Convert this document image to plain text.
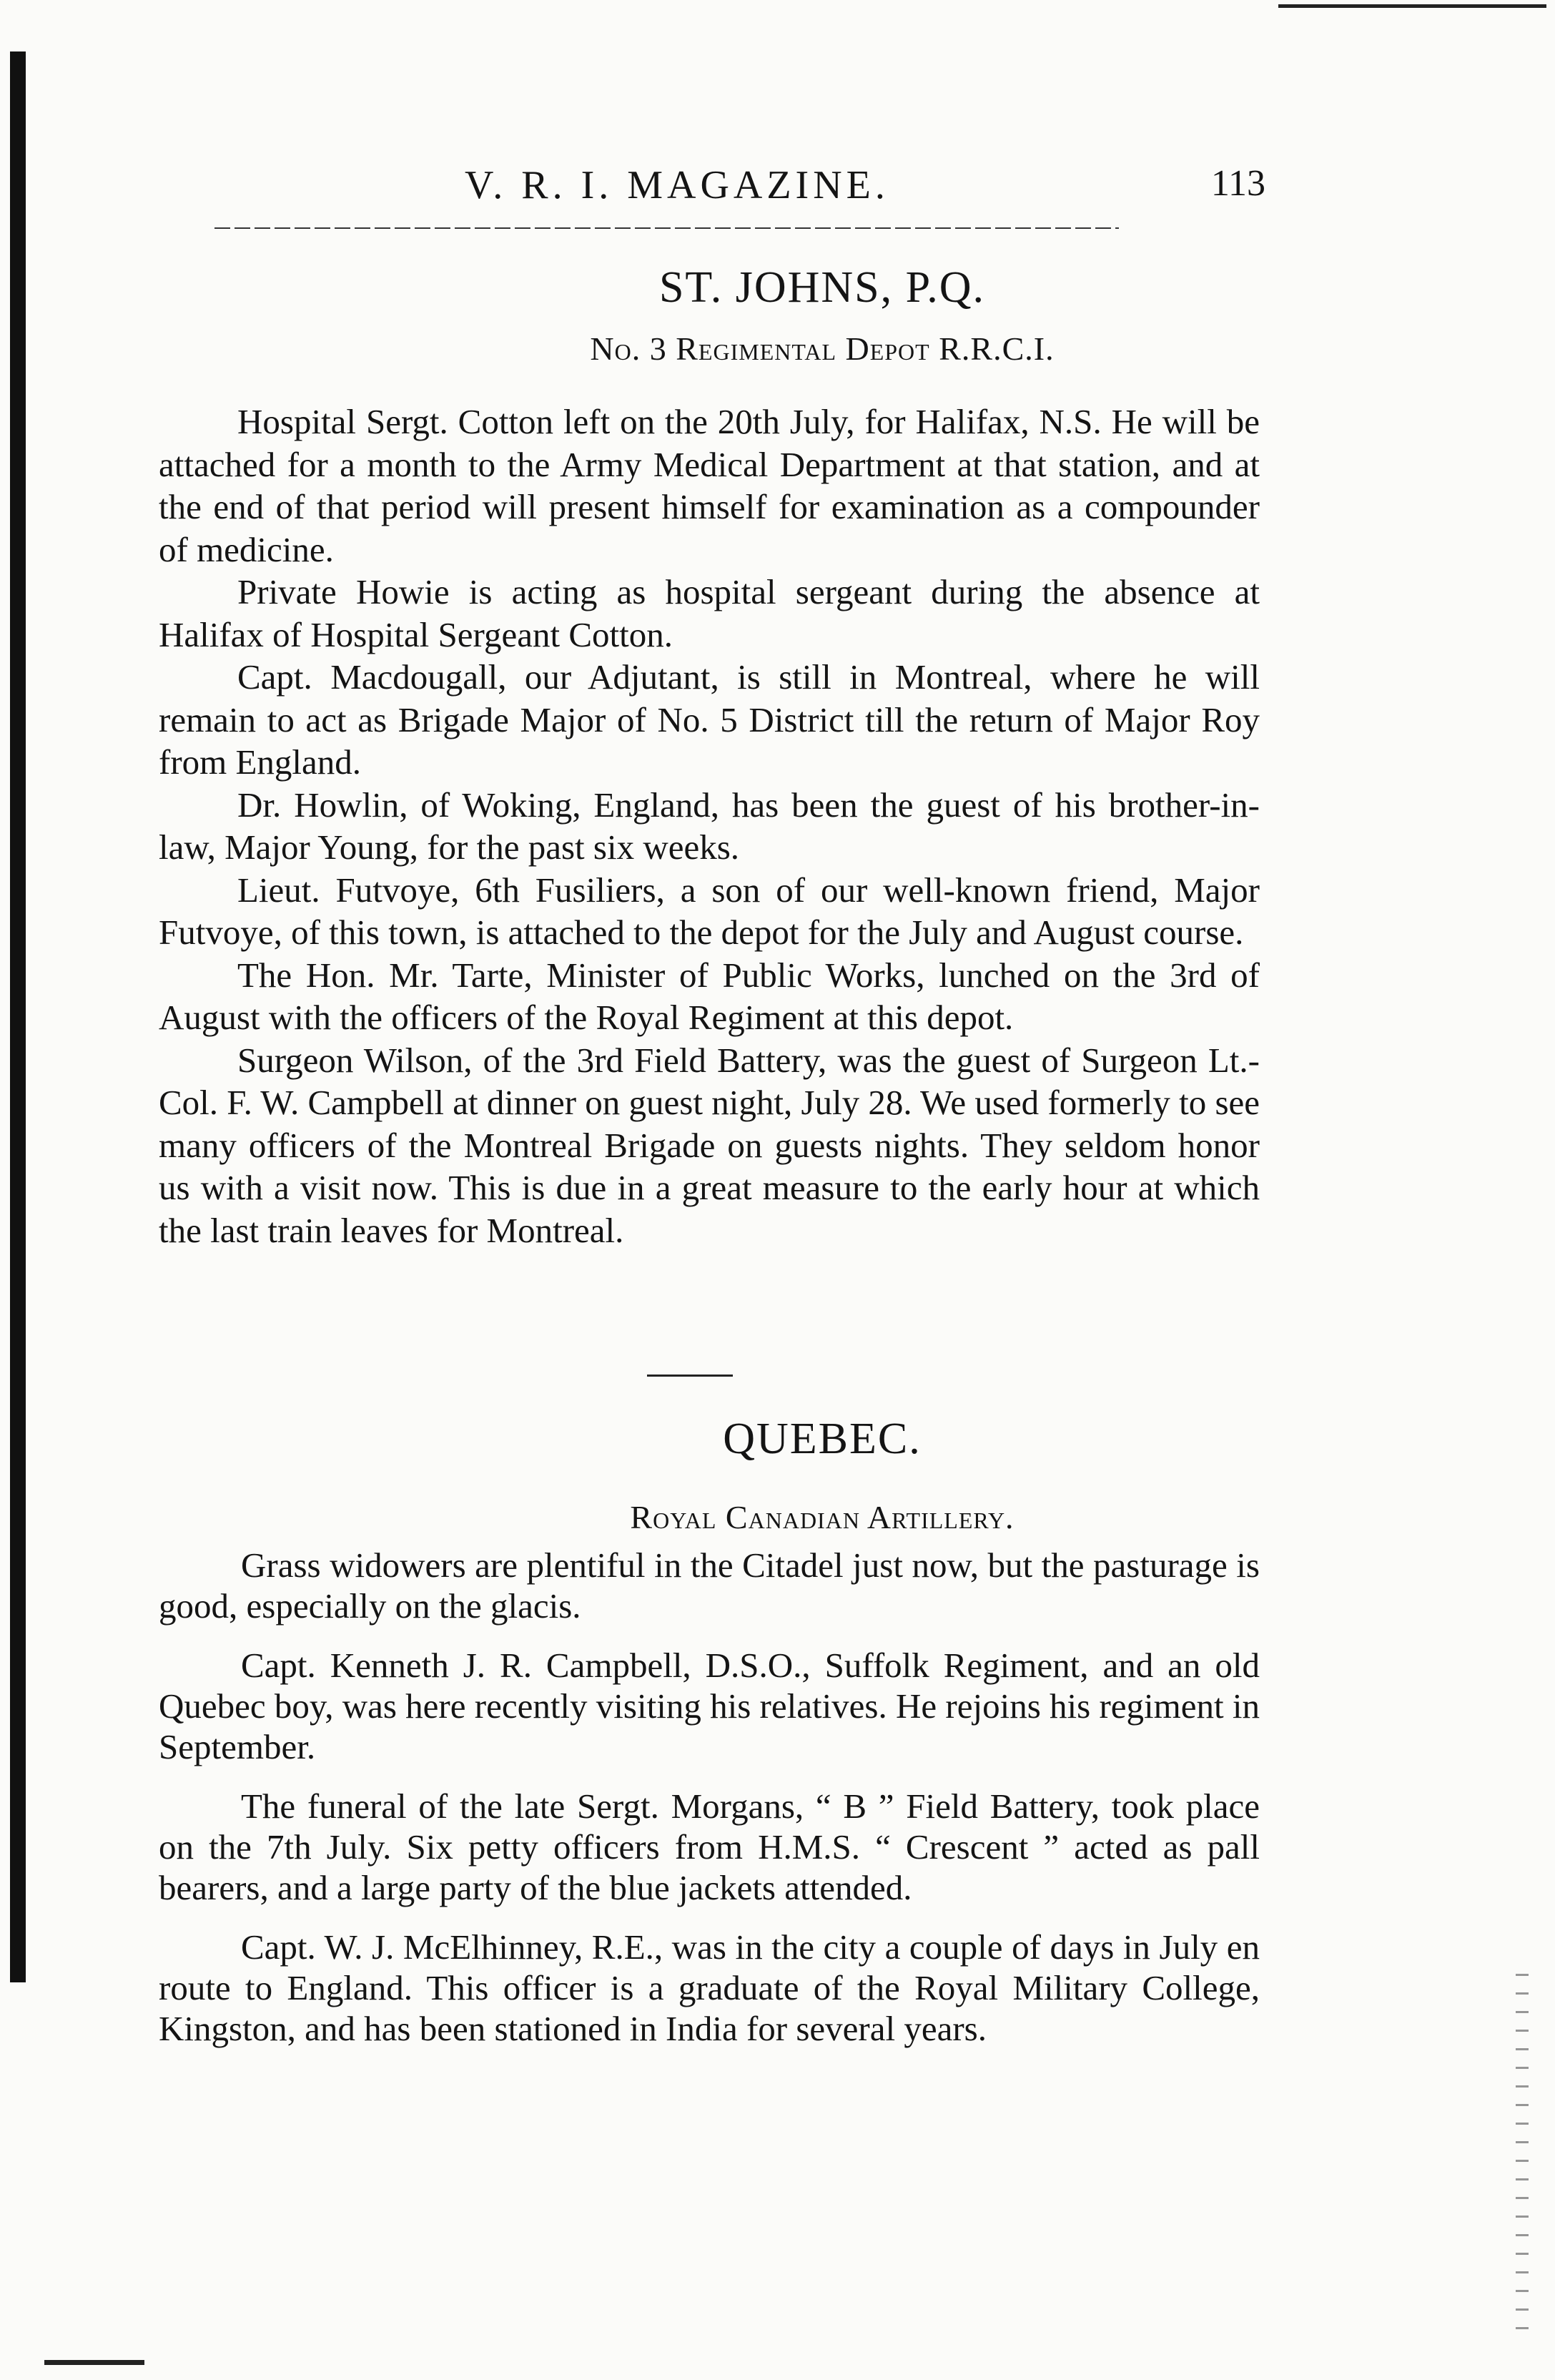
V. R. I. MAGAZINE.	113
ST. JOHNS, P.Q.
No. 3 Regimental Depot R.R.C.I.

Hospital Sergt. Cotton left on the 20th July, for Halifax, N.S. He will be attached for a month to the Army Medical Department at that station, and at the end of that period will present himself for examination as a compounder of medicine.

Private Howie is acting as hospital sergeant during the absence at Halifax of Hospital Sergeant Cotton.

Capt. Macdougall, our Adjutant, is still in Montreal, where he will remain to act as Brigade Major of No. 5 District till the return of Major Roy from England.

Dr. Howlin, of Woking, England, has been the guest of his brother-in-law, Major Young, for the past six weeks.

Lieut. Futvoye, 6th Fusiliers, a son of our well-known friend, Major Futvoye, of this town, is attached to the depot for the July and August course.

The Hon. Mr. Tarte, Minister of Public Works, lunched on the 3rd of August with the officers of the Royal Regiment at this depot.

Surgeon Wilson, of the 3rd Field Battery, was the guest of Surgeon Lt.-Col. F. W. Campbell at dinner on guest night, July 28. We used formerly to see many officers of the Montreal Brigade on guests nights. They seldom honor us with a visit now. This is due in a great measure to the early hour at which the last train leaves for Montreal.

QUEBEC.
Royal Canadian Artillery.

Grass widowers are plentiful in the Citadel just now, but the pasturage is good, especially on the glacis.

Capt. Kenneth J. R. Campbell, D.S.O., Suffolk Regiment, and an old Quebec boy, was here recently visiting his relatives. He rejoins his regiment in September.

The funeral of the late Sergt. Morgans, “ B ” Field Battery, took place on the 7th July. Six petty officers from H.M.S. “ Crescent ” acted as pall bearers, and a large party of the blue jackets attended.

Capt. W. J. McElhinney, R.E., was in the city a couple of days in July en route to England. This officer is a graduate of the Royal Military College, Kingston, and has been stationed in India for several years.
